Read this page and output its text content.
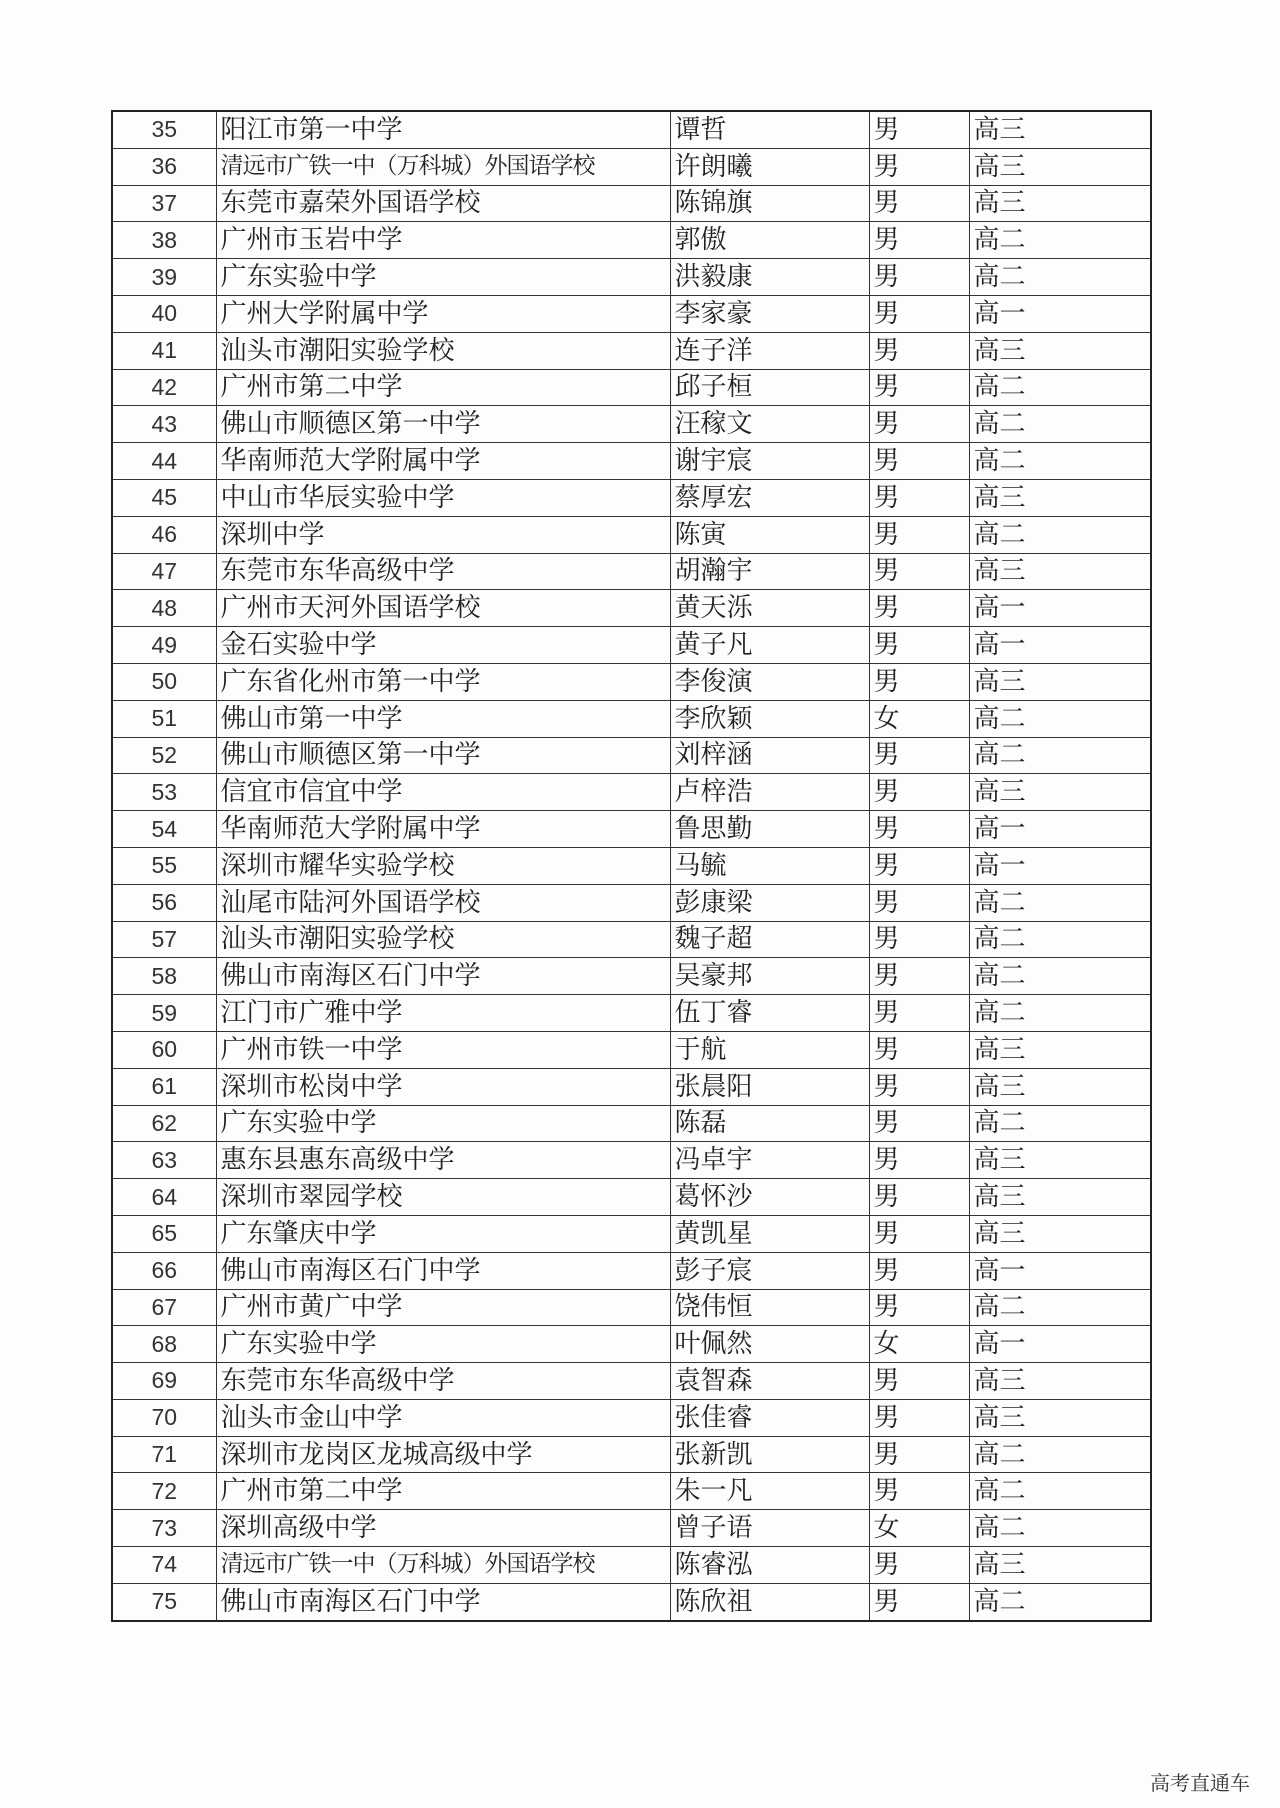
35	阳江市第一中学	谭哲	男	高三
36	清远市广铁一中（万科城）外国语学校	许朗曦	男	高三
37	东莞市嘉荣外国语学校	陈锦旗	男	高三
38	广州市玉岩中学	郭傲	男	高二
39	广东实验中学	洪毅康	男	高二
40	广州大学附属中学	李家豪	男	高一
41	汕头市潮阳实验学校	连子洋	男	高三
42	广州市第二中学	邱子桓	男	高二
43	佛山市顺德区第一中学	汪稼文	男	高二
44	华南师范大学附属中学	谢宇宸	男	高二
45	中山市华辰实验中学	蔡厚宏	男	高三
46	深圳中学	陈寅	男	高二
47	东莞市东华高级中学	胡瀚宇	男	高三
48	广州市天河外国语学校	黄天泺	男	高一
49	金石实验中学	黄子凡	男	高一
50	广东省化州市第一中学	李俊演	男	高三
51	佛山市第一中学	李欣颖	女	高二
52	佛山市顺德区第一中学	刘梓涵	男	高二
53	信宜市信宜中学	卢梓浩	男	高三
54	华南师范大学附属中学	鲁思勤	男	高一
55	深圳市耀华实验学校	马毓	男	高一
56	汕尾市陆河外国语学校	彭康梁	男	高二
57	汕头市潮阳实验学校	魏子超	男	高二
58	佛山市南海区石门中学	吴豪邦	男	高二
59	江门市广雅中学	伍丁睿	男	高二
60	广州市铁一中学	于航	男	高三
61	深圳市松岗中学	张晨阳	男	高三
62	广东实验中学	陈磊	男	高二
63	惠东县惠东高级中学	冯卓宇	男	高三
64	深圳市翠园学校	葛怀沙	男	高三
65	广东肇庆中学	黄凯星	男	高三
66	佛山市南海区石门中学	彭子宸	男	高一
67	广州市黄广中学	饶伟恒	男	高二
68	广东实验中学	叶佩然	女	高一
69	东莞市东华高级中学	袁智森	男	高三
70	汕头市金山中学	张佳睿	男	高三
71	深圳市龙岗区龙城高级中学	张新凯	男	高二
72	广州市第二中学	朱一凡	男	高二
73	深圳高级中学	曾子语	女	高二
74	清远市广铁一中（万科城）外国语学校	陈睿泓	男	高三
75	佛山市南海区石门中学	陈欣祖	男	高二
高考直通车
